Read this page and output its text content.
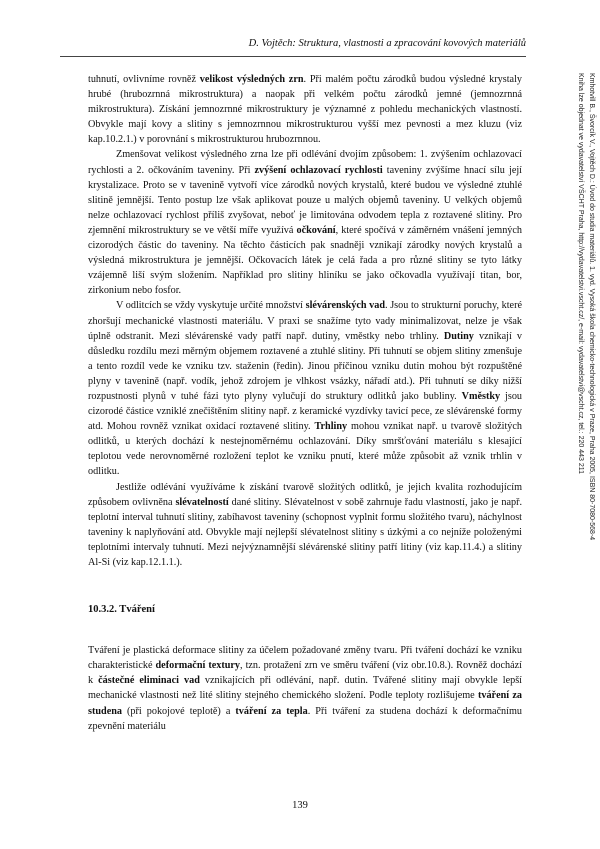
D. Vojtěch: Struktura, vlastnosti a zpracování kovových materiálů
Kmhotvill B., Švorcík V., Vojtěch D.: Úvod do studia materiálů. 1. vyd. Vysoká škola chemicko-technologická v Praze, Praha 2005, ISBN 80-7080-568-4
Kniha lze objednat ve vydavatelství VŠCHT Praha, http://vydavatelstvi.vscht.cz/, e-mail: vydavatelstvi@vscht.cz, tel.: 220 443 211

tuhnutí, ovlivníme rovněž velikost výsledných zrn. Při malém počtu zárodků budou výsledné krystaly hrubé (hrubozrnná mikrostruktura) a naopak při velkém počtu zárodků jemné (jemnozrnná mikrostruktura). Získání jemnozrnné mikrostruktury je významné z pohledu mechanických vlastností. Obvykle mají kovy a slitiny s jemnozrnnou mikrostrukturou vyšší mez pevnosti a mez kluzu (viz kap.10.2.1.) v porovnání s mikrostrukturou hrubozrnnou.

Zmenšovat velikost výsledného zrna lze při odlévání dvojím způsobem: 1. zvýšením ochlazovací rychlosti a 2. očkováním taveniny. Při zvýšení ochlazovací rychlosti taveniny zvýšíme hnací sílu její krystalizace. Proto se v tavenině vytvoří více zárodků nových krystalů, které budou ve výsledné ztuhlé slitině jemnější. Tento postup lze však aplikovat pouze u malých objemů taveniny. U velkých objemů nelze ochlazovací rychlost příliš zvyšovat, neboť je limitována odvodem tepla z roztavené slitiny. Pro zjemnění mikrostruktury se ve větší míře využívá očkování, které spočívá v záměrném vnášení jemných cizorodých částic do taveniny. Na těchto částicích pak snadněji vznikají zárodky nových krystalů a výsledná mikrostruktura je jemnější. Očkovacích látek je celá řada a pro různé slitiny se tyto látky vzájemně liší svým složením. Například pro slitiny hliníku se jako očkovadla využívají titan, bor, zirkonium nebo fosfor.

V odlitcích se vždy vyskytuje určité množství slévárenských vad. Jsou to strukturní poruchy, které zhoršují mechanické vlastnosti materiálu. V praxi se snažíme tyto vady minimalizovat, nelze je však úplně odstranit. Mezi slévárenské vady patří např. dutiny, vměstky nebo trhliny. Dutiny vznikají v důsledku rozdílu mezi měrným objemem roztavené a ztuhlé slitiny. Při tuhnutí se objem slitiny zmenšuje a tento rozdíl vede ke vzniku tzv. staženin (ředin). Jinou příčinou vzniku dutin mohou být rozpuštěné plyny v tavenině (např. vodík, jehož zdrojem je vlhkost vsázky, nářadí atd.). Při tuhnutí se díky nižší rozpustnosti plynů v tuhé fázi tyto plyny vylučují do struktury odlitků jako bubliny. Vměstky jsou cizorodé částice vzniklé znečištěním slitiny např. z keramické vyzdívky tavicí pece, ze slévárenské formy atd. Mohou rovněž vznikat oxidací roztavené slitiny. Trhliny mohou vznikat např. u tvarově složitých odlitků, u kterých dochází k nestejnoměrnému ochlazování. Díky smršťování materiálu s klesající teplotou vede nerovnoměrné rozložení teplot ke vzniku pnutí, které může způsobit až vznik trhlin v odlitku.

Jestliže odlévání využíváme k získání tvarově složitých odlitků, je jejich kvalita rozhodujícím způsobem ovlivněna slévatelností dané slitiny. Slévatelnost v sobě zahrnuje řadu vlastností, jako je např. teplotní interval tuhnutí slitiny, zabíhavost taveniny (schopnost vyplnit formu složitého tvaru), náchylnost taveniny k naplyňování atd. Obvykle mají nejlepší slévatelnost slitiny s úzkými a co nejníže položenými teplotními intervaly tuhnutí. Mezi nejvýznamnější slévárenské slitiny patří litiny (viz kap.11.4.) a slitiny Al-Si (viz kap.12.1.1.).

10.3.2. Tváření

Tváření je plastická deformace slitiny za účelem požadované změny tvaru. Při tváření dochází ke vzniku charakteristické deformační textury, tzn. protažení zrn ve směru tváření (viz obr.10.8.). Rovněž dochází k částečné eliminaci vad vznikajících při odlévání, např. dutin. Tvářené slitiny mají obvykle lepší mechanické vlastnosti než lité slitiny stejného chemického složení. Podle teploty rozlišujeme tváření za studena (při pokojové teplotě) a tváření za tepla. Při tváření za studena dochází k deformačnímu zpevnění materiálu

139
